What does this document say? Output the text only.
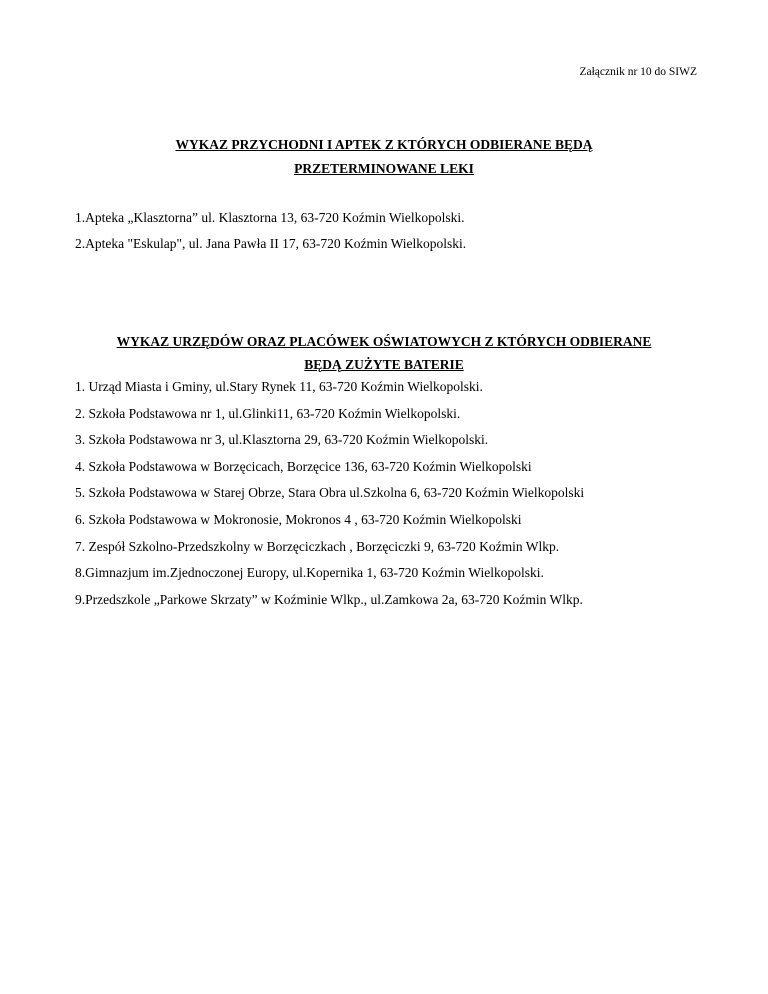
Załącznik nr 10 do SIWZ
WYKAZ PRZYCHODNI I APTEK Z KTÓRYCH ODBIERANE BĘDĄ
PRZETERMINOWANE LEKI
1.Apteka „Klasztorna” ul. Klasztorna 13, 63-720 Koźmin Wielkopolski.
2.Apteka "Eskulap", ul. Jana Pawła II 17, 63-720 Koźmin Wielkopolski.
WYKAZ URZĘDÓW ORAZ PLACÓWEK OŚWIATOWYCH Z KTÓRYCH ODBIERANE
BĘDĄ ZUŻYTE BATERIE
1. Urząd Miasta i Gminy, ul.Stary Rynek 11, 63-720 Koźmin Wielkopolski.
2. Szkoła Podstawowa nr 1, ul.Glinki11, 63-720 Koźmin Wielkopolski.
3. Szkoła Podstawowa nr 3, ul.Klasztorna 29, 63-720 Koźmin Wielkopolski.
4. Szkoła Podstawowa w Borzęcicach, Borzęcice 136, 63-720 Koźmin Wielkopolski
5. Szkoła Podstawowa w Starej Obrze, Stara Obra ul.Szkolna 6, 63-720 Koźmin Wielkopolski
6. Szkoła Podstawowa w Mokronosie, Mokronos 4 , 63-720 Koźmin Wielkopolski
7. Zespół Szkolno-Przedszkolny w Borzęciczkach , Borzęciczki 9, 63-720 Koźmin Wlkp.
8.Gimnazjum im.Zjednoczonej Europy, ul.Kopernika 1, 63-720 Koźmin Wielkopolski.
9.Przedszkole „Parkowe Skrzaty” w Koźminie Wlkp., ul.Zamkowa 2a, 63-720 Koźmin Wlkp.
